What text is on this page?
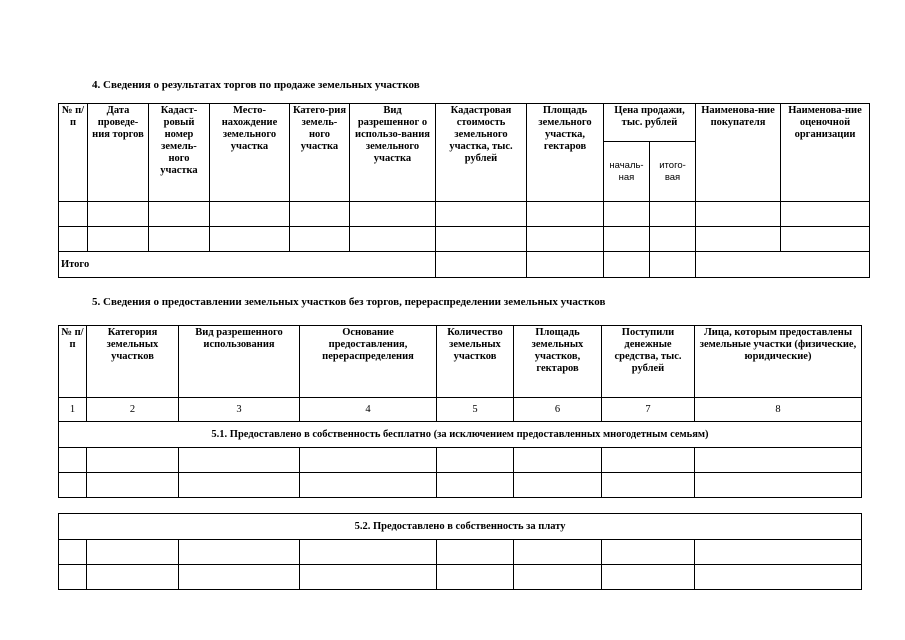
4. Сведения о результатах торгов по продаже земельных участков
№ п/п	Дата проведе-ния торгов	Кадаст-ровый номер земель-ного участка	Место-нахождение земельного участка	Катего-рия земель-ного участка	Вид разрешенног о использо-вания земельного участка	Кадастровая стоимость земельного участка, тыс. рублей	Площадь земельного участка, гектаров	Цена продажи, тыс. рублей		Наименова-ние покупателя	Наименова-ние оценочной организации
								началь-ная	итого-вая		

Итого											
5. Сведения о предоставлении земельных участков без торгов, перераспределении земельных участков
№ п/п	Категория земельных участков	Вид разрешенного использования	Основание предоставления, перераспределения	Количество земельных участков	Площадь земельных участков, гектаров	Поступили денежные средства, тыс. рублей	Лица, которым предоставлены земельные участки (физические, юридические)
1	2	3	4	5	6	7	8
5.1. Предоставлено в собственность бесплатно (за исключением предоставленных многодетным семьям)							

5.2. Предоставлено в собственность за плату							
